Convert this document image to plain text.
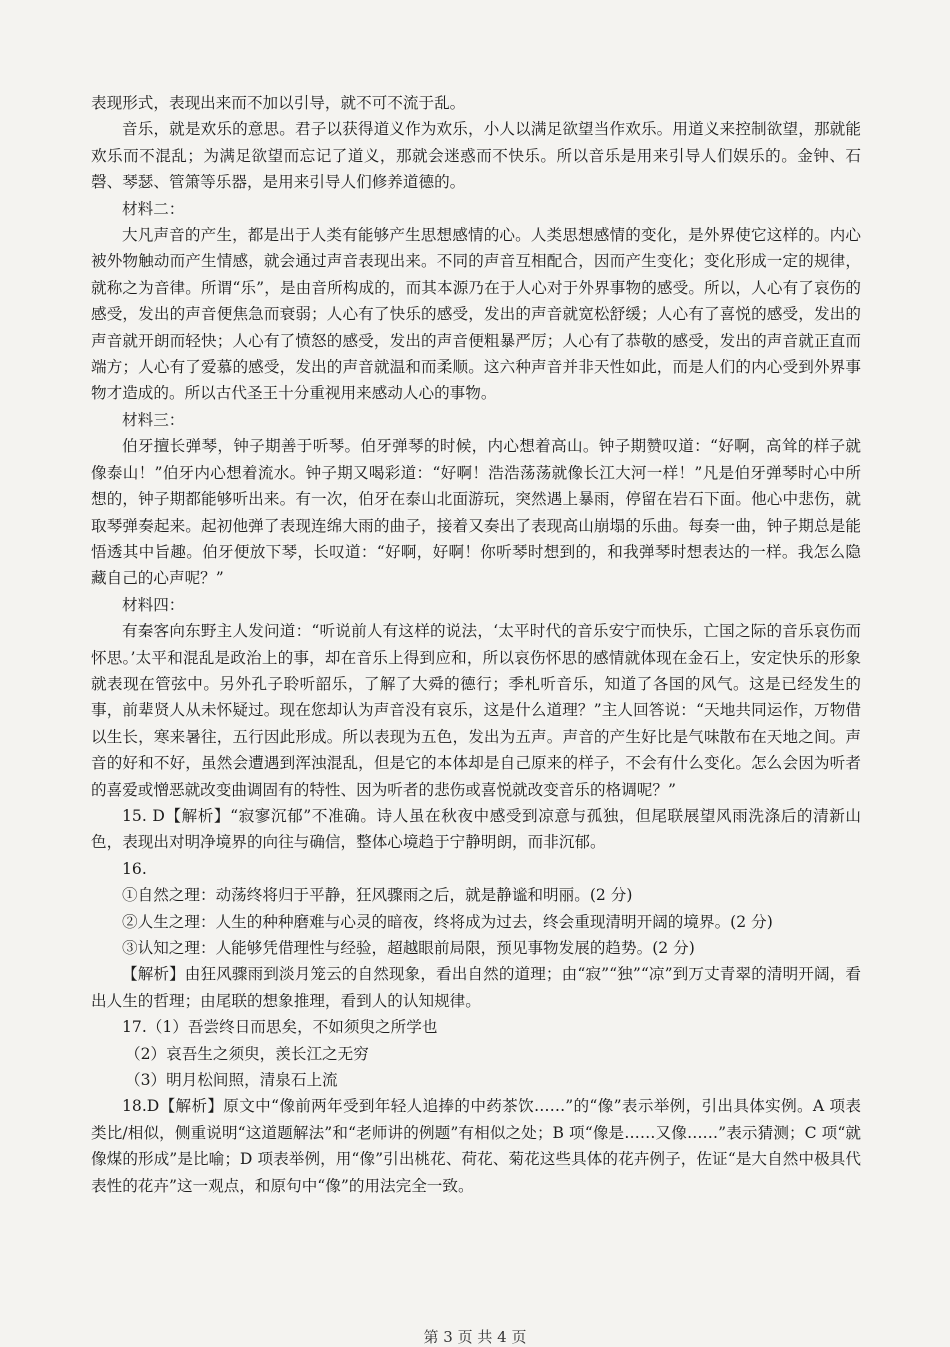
表现形式，表现出来而不加以引导，就不可不流于乱。

音乐，就是欢乐的意思。君子以获得道义作为欢乐，小人以满足欲望当作欢乐。用道义来控制欲望，那就能欢乐而不混乱；为满足欲望而忘记了道义，那就会迷惑而不快乐。所以音乐是用来引导人们娱乐的。金钟、石磬、琴瑟、管箫等乐器，是用来引导人们修养道德的。

材料二：

大凡声音的产生，都是出于人类有能够产生思想感情的心。人类思想感情的变化，是外界使它这样的。内心被外物触动而产生情感，就会通过声音表现出来。不同的声音互相配合，因而产生变化；变化形成一定的规律，就称之为音律。所谓“乐”，是由音所构成的，而其本源乃在于人心对于外界事物的感受。所以，人心有了哀伤的感受，发出的声音便焦急而衰弱；人心有了快乐的感受，发出的声音就宽松舒缓；人心有了喜悦的感受，发出的声音就开朗而轻快；人心有了愤怒的感受，发出的声音便粗暴严厉；人心有了恭敬的感受，发出的声音就正直而端方；人心有了爱慕的感受，发出的声音就温和而柔顺。这六种声音并非天性如此，而是人们的内心受到外界事物才造成的。所以古代圣王十分重视用来感动人心的事物。

材料三：

伯牙擅长弹琴，钟子期善于听琴。伯牙弹琴的时候，内心想着高山。钟子期赞叹道：“好啊，高耸的样子就像泰山！”伯牙内心想着流水。钟子期又喝彩道：“好啊！浩浩荡荡就像长江大河一样！”凡是伯牙弹琴时心中所想的，钟子期都能够听出来。有一次，伯牙在泰山北面游玩，突然遇上暴雨，停留在岩石下面。他心中悲伤，就取琴弹奏起来。起初他弹了表现连绵大雨的曲子，接着又奏出了表现高山崩塌的乐曲。每奏一曲，钟子期总是能悟透其中旨趣。伯牙便放下琴，长叹道：“好啊，好啊！你听琴时想到的，和我弹琴时想表达的一样。我怎么隐藏自己的心声呢？”

材料四：

有秦客向东野主人发问道：“听说前人有这样的说法，‘太平时代的音乐安宁而快乐，亡国之际的音乐哀伤而怀思。’太平和混乱是政治上的事，却在音乐上得到应和，所以哀伤怀思的感情就体现在金石上，安定快乐的形象就表现在管弦中。另外孔子聆听韶乐，了解了大舜的德行；季札听音乐，知道了各国的风气。这是已经发生的事，前辈贤人从未怀疑过。现在您却认为声音没有哀乐，这是什么道理？”主人回答说：“天地共同运作，万物借以生长，寒来暑往，五行因此形成。所以表现为五色，发出为五声。声音的产生好比是气味散布在天地之间。声音的好和不好，虽然会遭遇到浑浊混乱，但是它的本体却是自己原来的样子，不会有什么变化。怎么会因为听者的喜爱或憎恶就改变曲调固有的特性、因为听者的悲伤或喜悦就改变音乐的格调呢？”

15. D【解析】“寂寥沉郁”不准确。诗人虽在秋夜中感受到凉意与孤独，但尾联展望风雨洗涤后的清新山色，表现出对明净境界的向往与确信，整体心境趋于宁静明朗，而非沉郁。

16.

①自然之理：动荡终将归于平静，狂风骤雨之后，就是静谧和明丽。(2 分)

②人生之理：人生的种种磨难与心灵的暗夜，终将成为过去，终会重现清明开阔的境界。(2 分)

③认知之理：人能够凭借理性与经验，超越眼前局限，预见事物发展的趋势。(2 分)

【解析】由狂风骤雨到淡月笼云的自然现象，看出自然的道理；由“寂”“独”“凉”到万丈青翠的清明开阔，看出人生的哲理；由尾联的想象推理，看到人的认知规律。

17.（1）吾尝终日而思矣，不如须臾之所学也

（2）哀吾生之须臾，羡长江之无穷

（3）明月松间照，清泉石上流

18.D【解析】原文中“像前两年受到年轻人追捧的中药茶饮……”的“像”表示举例，引出具体实例。A 项表类比/相似，侧重说明“这道题解法”和“老师讲的例题”有相似之处；B 项“像是……又像……”表示猜测；C 项“就像煤的形成”是比喻；D 项表举例，用“像”引出桃花、荷花、菊花这些具体的花卉例子，佐证“是大自然中极具代表性的花卉”这一观点，和原句中“像”的用法完全一致。

第 3 页 共 4 页
